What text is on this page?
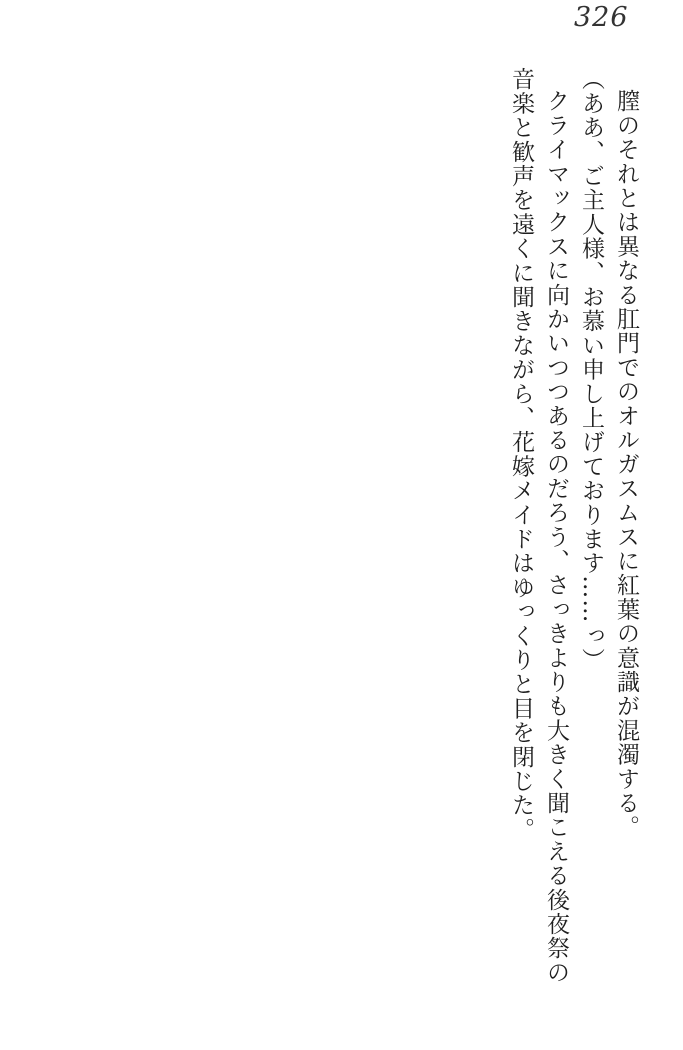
326
膣のそれとは異なる肛門でのオルガスムスに紅葉の意識が混濁する。
（ああ、ご主人様、お慕い申し上げております……っ）
クライマックスに向かいつつあるのだろう、さっきよりも大きく聞こえる後夜祭の
音楽と歓声を遠くに聞きながら、花嫁メイドはゆっくりと目を閉じた。
